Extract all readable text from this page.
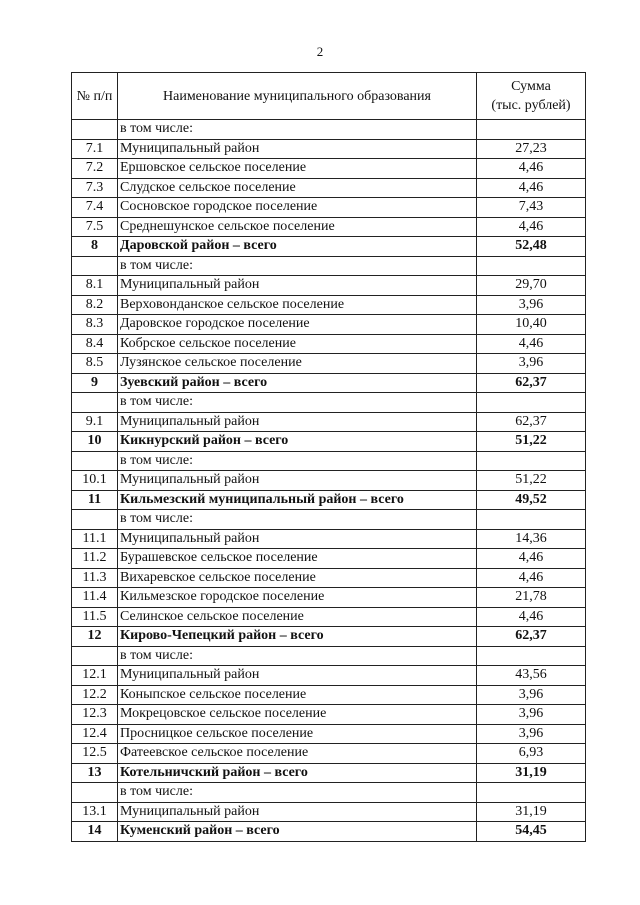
2
№ п/п	Наименование муниципального образования	Сумма
(тыс. рублей)

	в том числе:	
7.1	Муниципальный район	27,23
7.2	Ершовское сельское поселение	4,46
7.3	Слудское сельское поселение	4,46
7.4	Сосновское городское поселение	7,43
7.5	Среднешунское сельское поселение	4,46
8	Даровской район – всего	52,48
	в том числе:	
8.1	Муниципальный район	29,70
8.2	Верховонданское сельское поселение	3,96
8.3	Даровское городское поселение	10,40
8.4	Кобрское сельское поселение	4,46
8.5	Лузянское сельское поселение	3,96
9	Зуевский район – всего	62,37
	в том числе:	
9.1	Муниципальный район	62,37
10	Кикнурский район – всего	51,22
	в том числе:	
10.1	Муниципальный район	51,22
11	Кильмезский муниципальный район – всего	49,52
	в том числе:	
11.1	Муниципальный район	14,36
11.2	Бурашевское сельское поселение	4,46
11.3	Вихаревское сельское поселение	4,46
11.4	Кильмезское городское поселение	21,78
11.5	Селинское сельское поселение	4,46
12	Кирово-Чепецкий район – всего	62,37
	в том числе:	
12.1	Муниципальный район	43,56
12.2	Коныпское сельское поселение	3,96
12.3	Мокрецовское сельское поселение	3,96
12.4	Просницкое сельское поселение	3,96
12.5	Фатеевское сельское поселение	6,93
13	Котельничский район – всего	31,19
	в том числе:	
13.1	Муниципальный район	31,19
14	Куменский район – всего	54,45
